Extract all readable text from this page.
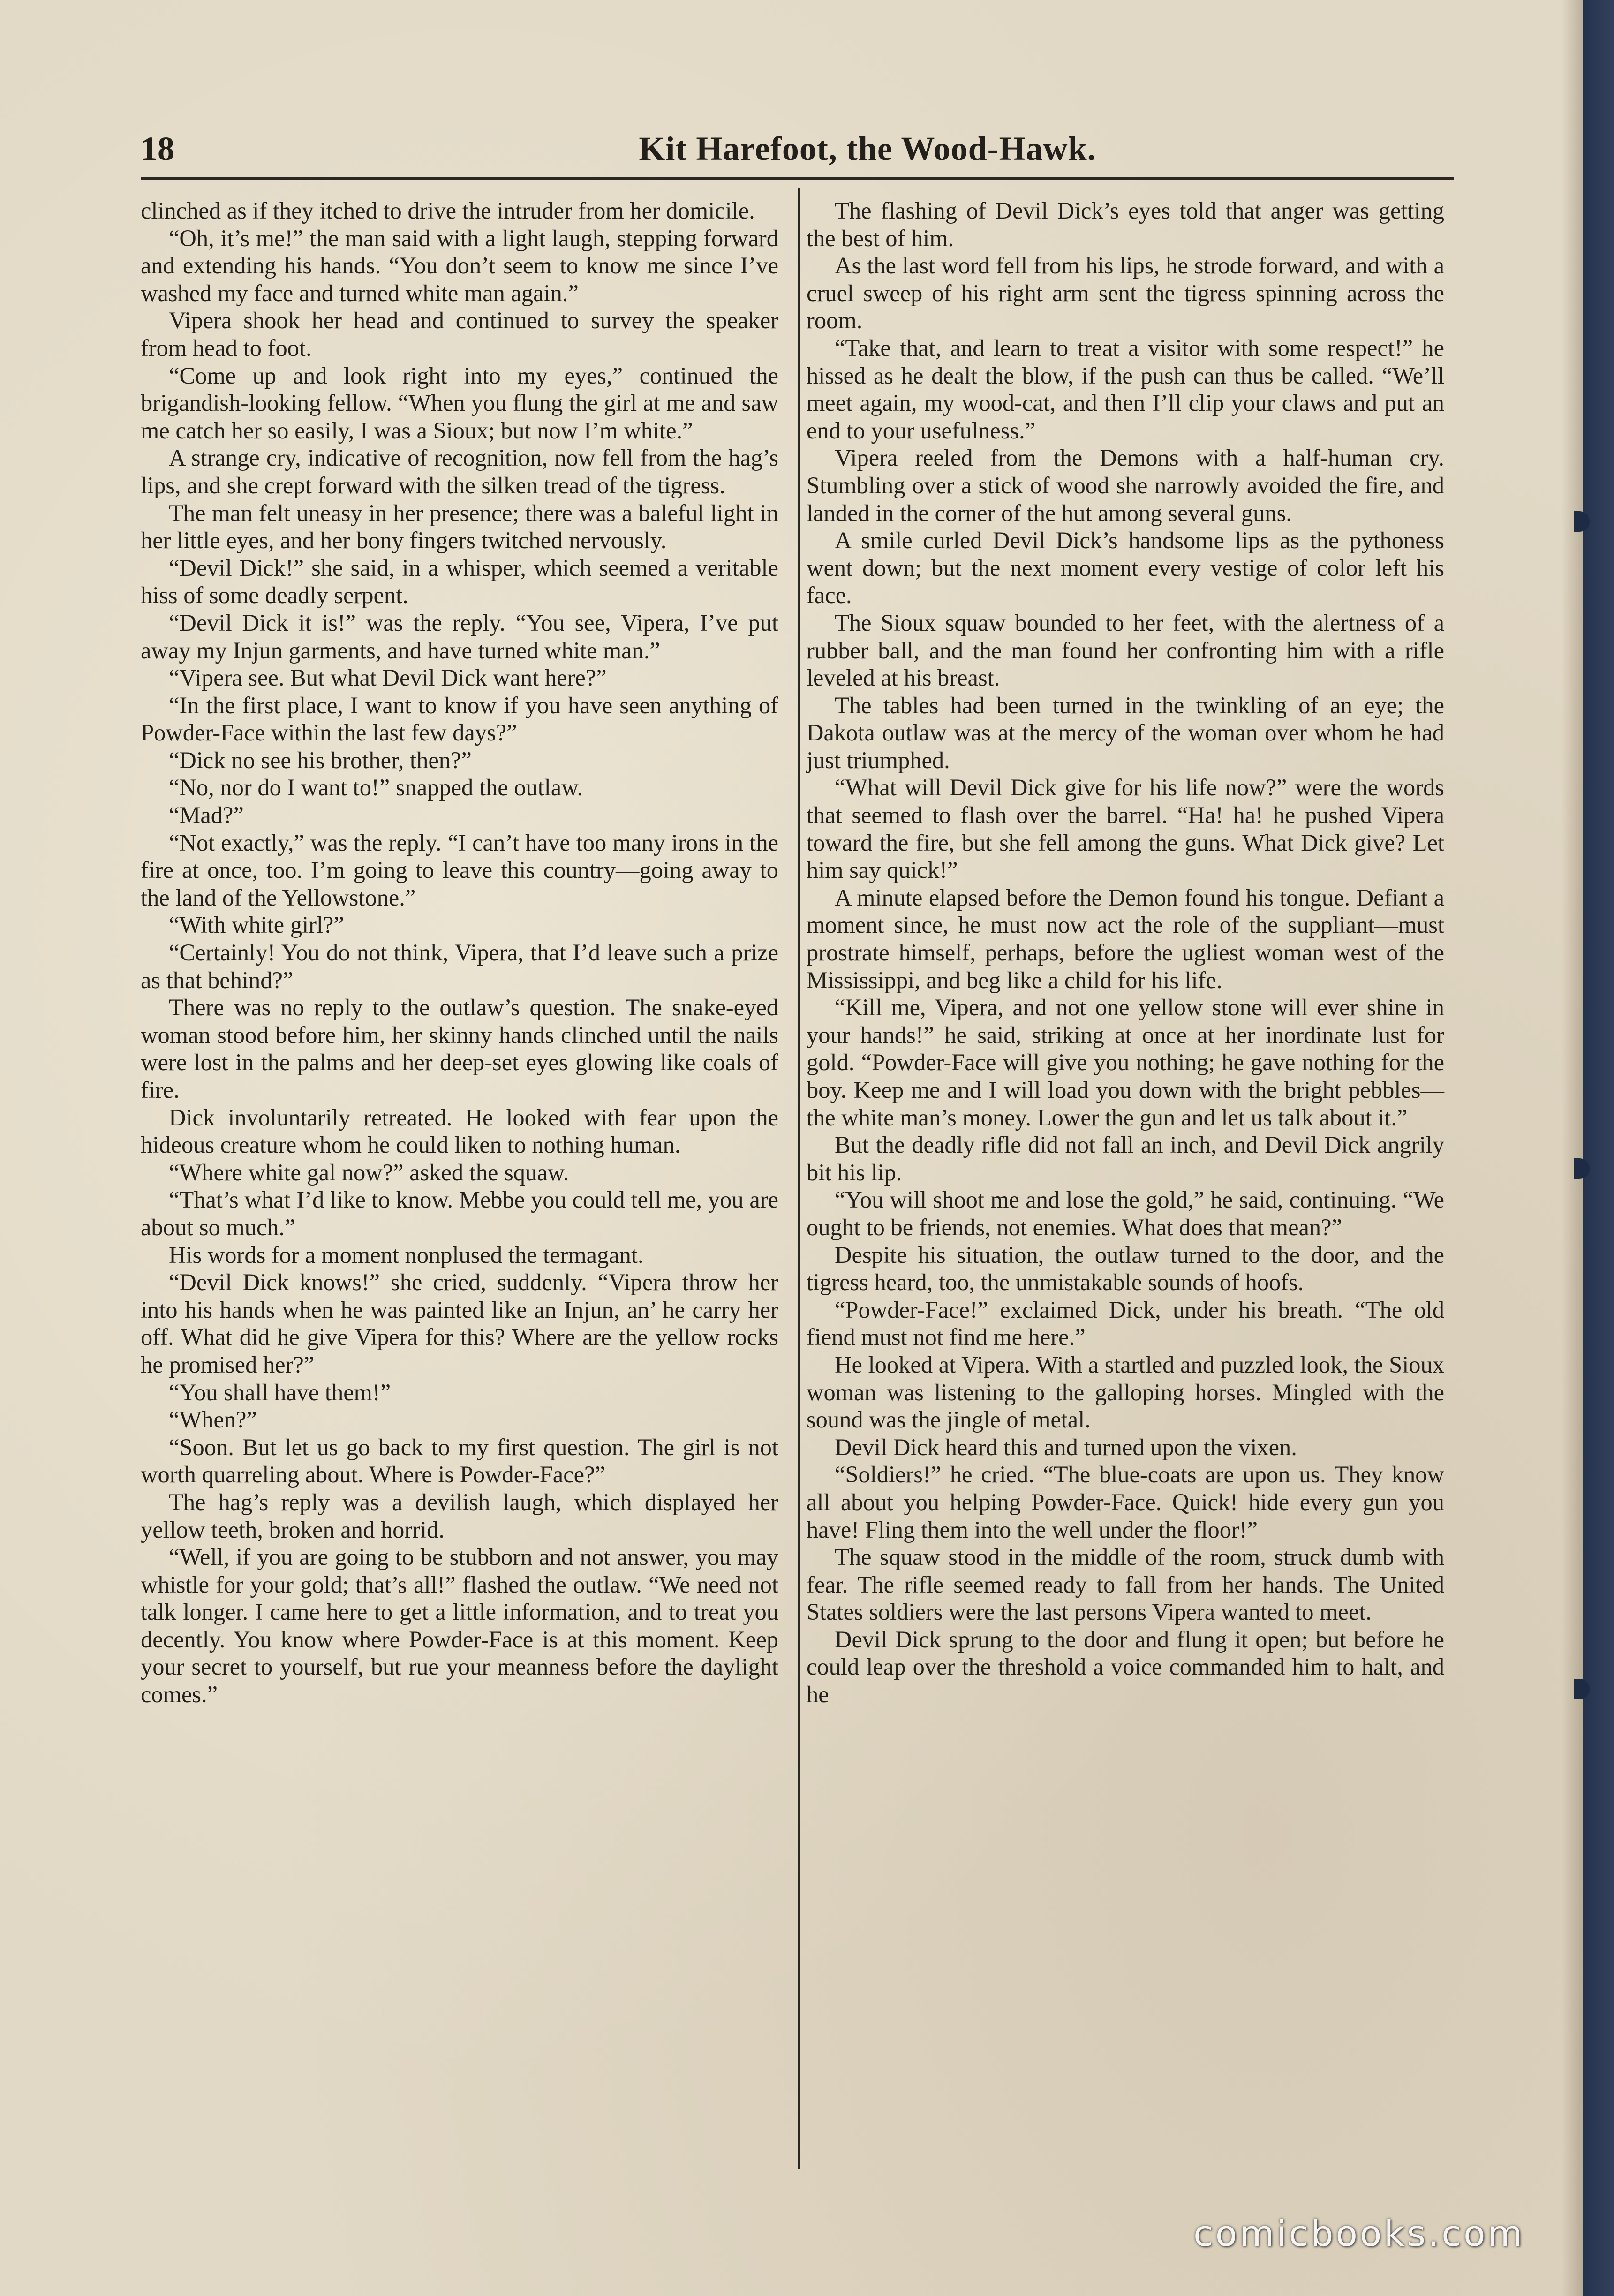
18	Kit Harefoot, the Wood-Hawk.

clinched as if they itched to drive the intruder from her domicile.

“Oh, it’s me!” the man said with a light laugh, stepping forward and extending his hands. “You don’t seem to know me since I’ve washed my face and turned white man again.”

Vipera shook her head and continued to survey the speaker from head to foot.

“Come up and look right into my eyes,” continued the brigandish-looking fellow. “When you flung the girl at me and saw me catch her so easily, I was a Sioux; but now I’m white.”

A strange cry, indicative of recognition, now fell from the hag’s lips, and she crept forward with the silken tread of the tigress.

The man felt uneasy in her presence; there was a baleful light in her little eyes, and her bony fingers twitched nervously.

“Devil Dick!” she said, in a whisper, which seemed a veritable hiss of some deadly serpent.

“Devil Dick it is!” was the reply. “You see, Vipera, I’ve put away my Injun garments, and have turned white man.”

“Vipera see. But what Devil Dick want here?”

“In the first place, I want to know if you have seen anything of Powder-Face within the last few days?”

“Dick no see his brother, then?”

“No, nor do I want to!” snapped the outlaw.

“Mad?”

“Not exactly,” was the reply. “I can’t have too many irons in the fire at once, too. I’m going to leave this country—going away to the land of the Yellowstone.”

“With white girl?”

“Certainly! You do not think, Vipera, that I’d leave such a prize as that behind?”

There was no reply to the outlaw’s question. The snake-eyed woman stood before him, her skinny hands clinched until the nails were lost in the palms and her deep-set eyes glowing like coals of fire.

Dick involuntarily retreated. He looked with fear upon the hideous creature whom he could liken to nothing human.

“Where white gal now?” asked the squaw.

“That’s what I’d like to know. Mebbe you could tell me, you are about so much.”

His words for a moment nonplused the termagant.

“Devil Dick knows!” she cried, suddenly. “Vipera throw her into his hands when he was painted like an Injun, an’ he carry her off. What did he give Vipera for this? Where are the yellow rocks he promised her?”

“You shall have them!”

“When?”

“Soon. But let us go back to my first question. The girl is not worth quarreling about. Where is Powder-Face?”

The hag’s reply was a devilish laugh, which displayed her yellow teeth, broken and horrid.

“Well, if you are going to be stubborn and not answer, you may whistle for your gold; that’s all!” flashed the outlaw. “We need not talk longer. I came here to get a little information, and to treat you decently. You know where Powder-Face is at this moment. Keep your secret to yourself, but rue your meanness before the daylight comes.”

The flashing of Devil Dick’s eyes told that anger was getting the best of him.

As the last word fell from his lips, he strode forward, and with a cruel sweep of his right arm sent the tigress spinning across the room.

“Take that, and learn to treat a visitor with some respect!” he hissed as he dealt the blow, if the push can thus be called. “We’ll meet again, my wood-cat, and then I’ll clip your claws and put an end to your usefulness.”

Vipera reeled from the Demons with a half-human cry. Stumbling over a stick of wood she narrowly avoided the fire, and landed in the corner of the hut among several guns.

A smile curled Devil Dick’s handsome lips as the pythoness went down; but the next moment every vestige of color left his face.

The Sioux squaw bounded to her feet, with the alertness of a rubber ball, and the man found her confronting him with a rifle leveled at his breast.

The tables had been turned in the twinkling of an eye; the Dakota outlaw was at the mercy of the woman over whom he had just triumphed.

“What will Devil Dick give for his life now?” were the words that seemed to flash over the barrel. “Ha! ha! he pushed Vipera toward the fire, but she fell among the guns. What Dick give? Let him say quick!”

A minute elapsed before the Demon found his tongue. Defiant a moment since, he must now act the role of the suppliant—must prostrate himself, perhaps, before the ugliest woman west of the Mississippi, and beg like a child for his life.

“Kill me, Vipera, and not one yellow stone will ever shine in your hands!” he said, striking at once at her inordinate lust for gold. “Powder-Face will give you nothing; he gave nothing for the boy. Keep me and I will load you down with the bright pebbles—the white man’s money. Lower the gun and let us talk about it.”

But the deadly rifle did not fall an inch, and Devil Dick angrily bit his lip.

“You will shoot me and lose the gold,” he said, continuing. “We ought to be friends, not enemies. What does that mean?”

Despite his situation, the outlaw turned to the door, and the tigress heard, too, the unmistakable sounds of hoofs.

“Powder-Face!” exclaimed Dick, under his breath. “The old fiend must not find me here.”

He looked at Vipera. With a startled and puzzled look, the Sioux woman was listening to the galloping horses. Mingled with the sound was the jingle of metal.

Devil Dick heard this and turned upon the vixen.

“Soldiers!” he cried. “The blue-coats are upon us. They know all about you helping Powder-Face. Quick! hide every gun you have! Fling them into the well under the floor!”

The squaw stood in the middle of the room, struck dumb with fear. The rifle seemed ready to fall from her hands. The United States soldiers were the last persons Vipera wanted to meet.

Devil Dick sprung to the door and flung it open; but before he could leap over the threshold a voice commanded him to halt, and he

comicbooks.com
